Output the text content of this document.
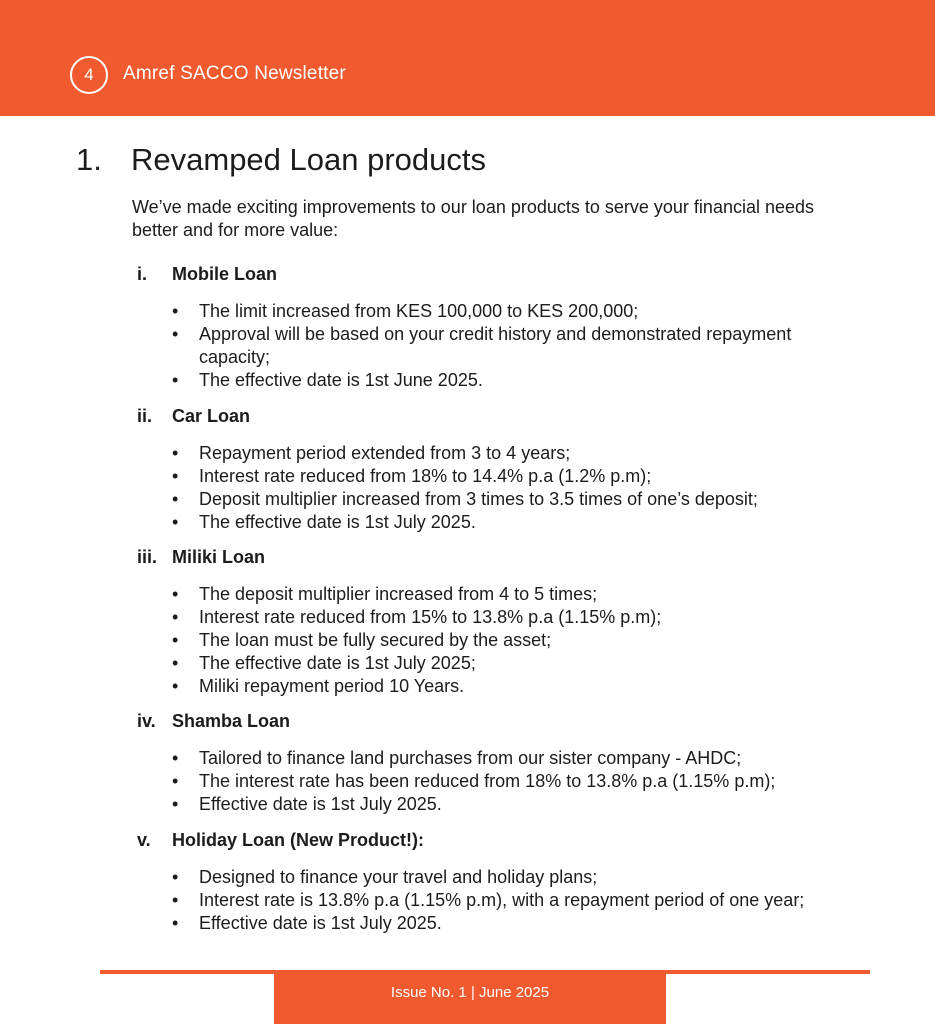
4	Amref SACCO Newsletter
1. Revamped Loan products

We’ve made exciting improvements to our loan products to serve your financial needs better and for more value:

i. Mobile Loan
• The limit increased from KES 100,000 to KES 200,000;
• Approval will be based on your credit history and demonstrated repayment capacity;
• The effective date is 1st June 2025.
ii. Car Loan
• Repayment period extended from 3 to 4 years;
• Interest rate reduced from 18% to 14.4% p.a (1.2% p.m);
• Deposit multiplier increased from 3 times to 3.5 times of one’s deposit;
• The effective date is 1st July 2025.
iii. Miliki Loan
• The deposit multiplier increased from 4 to 5 times;
• Interest rate reduced from 15% to 13.8% p.a (1.15% p.m);
• The loan must be fully secured by the asset;
• The effective date is 1st July 2025;
• Miliki repayment period 10 Years.
iv. Shamba Loan
• Tailored to finance land purchases from our sister company - AHDC;
• The interest rate has been reduced from 18% to 13.8% p.a (1.15% p.m);
• Effective date is 1st July 2025.
v. Holiday Loan (New Product!):
• Designed to finance your travel and holiday plans;
• Interest rate is 13.8% p.a (1.15% p.m), with a repayment period of one year;
• Effective date is 1st July 2025.
Issue No. 1 | June 2025
